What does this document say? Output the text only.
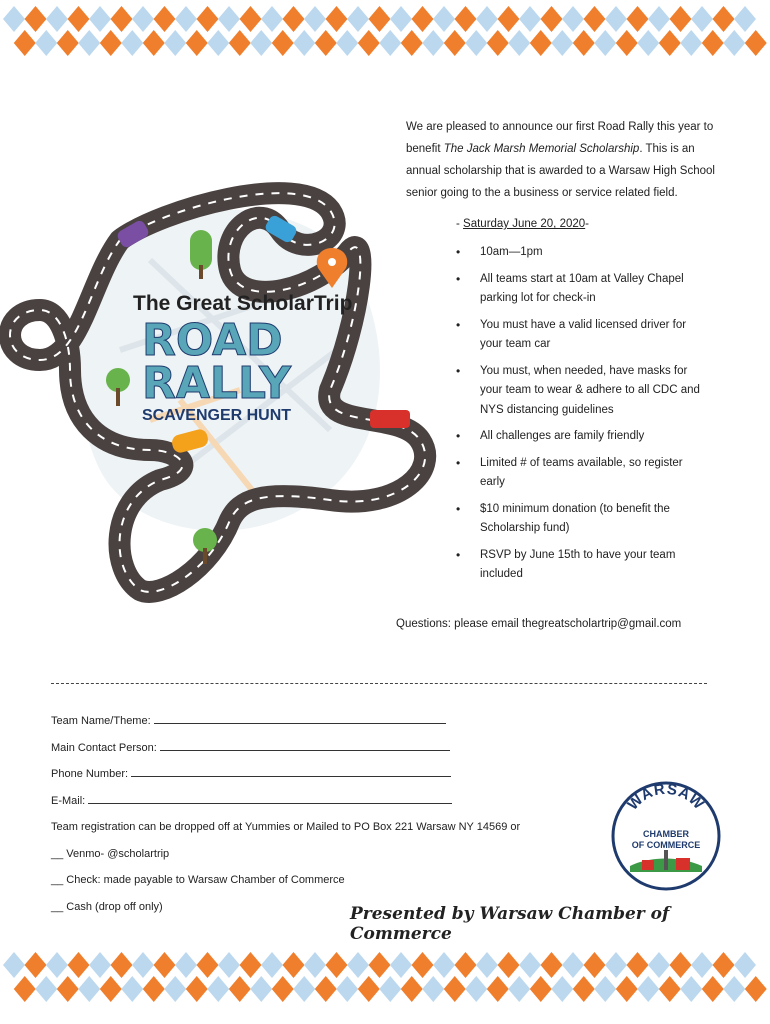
The Great ScholarTrip
ROAD
RALLY
SCAVENGER HUNT

We are pleased to announce our first Road Rally this year to

benefit The Jack Marsh Memorial Scholarship. This is an

annual scholarship that is awarded to a Warsaw High School

senior going to the a business or service related field.

- Saturday June 20, 2020-
• 10am—1pm
• All teams start at 10am at Valley Chapel parking lot for check-in
• You must have a valid licensed driver for your team car
• You must, when needed, have masks for your team to wear & adhere to all CDC and NYS distancing guidelines
• All challenges are family friendly
• Limited # of teams available, so register early
• $10 minimum donation (to benefit the Scholarship fund)
• RSVP by June 15th to have your team included
Questions: please email thegreatscholartrip@gmail.com
Team Name/Theme:
Main Contact Person:
Phone Number:
E-Mail:
Team registration can be dropped off at Yummies or Mailed to PO Box 221 Warsaw NY 14569 or
__ Venmo- @scholartrip
__ Check: made payable to Warsaw Chamber of Commerce
__ Cash (drop off only)
WARSAW
CHAMBER
OF COMMERCE
Presented by Warsaw Chamber of Commerce
